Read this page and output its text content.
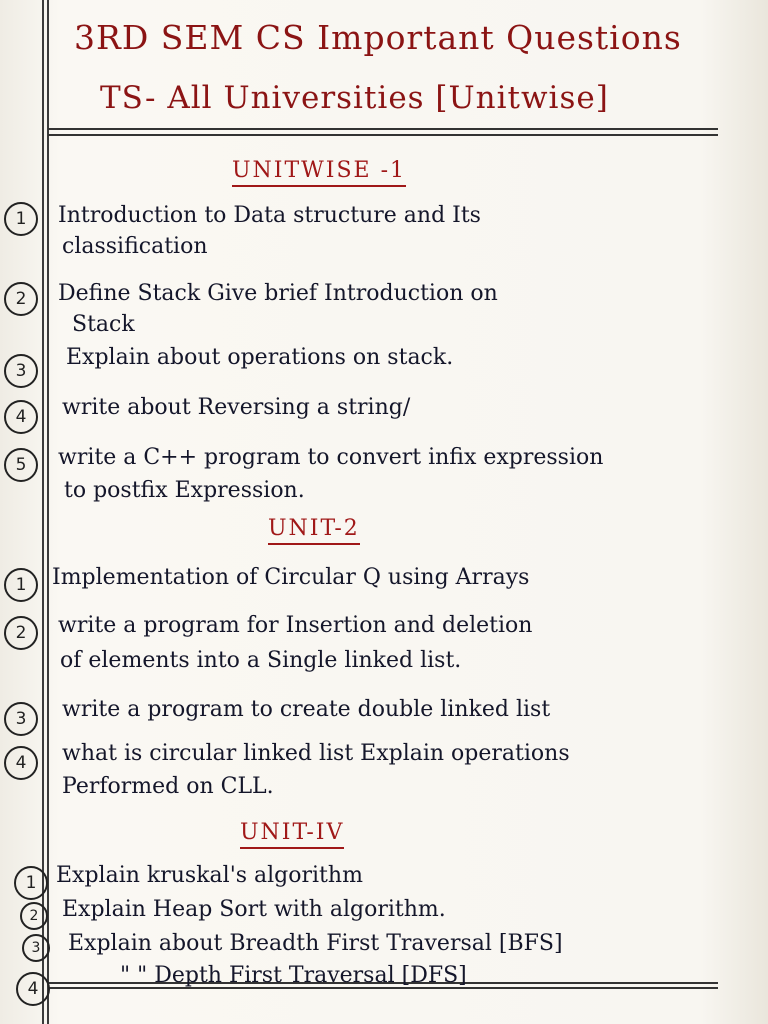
3RD SEM CS Important Questions
TS- All Universities [Unitwise]
UNITWISE -1
1	Introduction to Data structure and Its
classification
2	Define Stack Give brief Introduction on
Stack
3
Explain about operations on stack.
4	write about Reversing a string/
5	write a C++ program to convert infix expression
to postfix Expression.
UNIT-2
1	Implementation of Circular Q using Arrays
2	write a program for Insertion and deletion
of elements into a Single linked list.
3	write a program to create double linked list
4	what is circular linked list Explain operations
Performed on CLL.
UNIT-IV
1 Explain kruskal's algorithm
2	Explain Heap Sort with algorithm.
3	Explain about Breadth First Traversal [BFS]
4
" " Depth First Traversal [DFS]
